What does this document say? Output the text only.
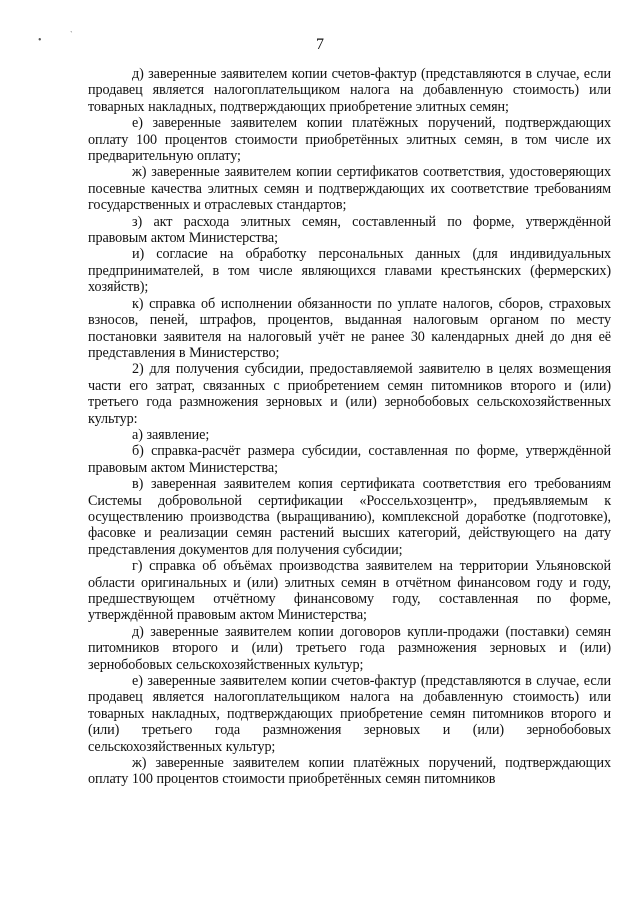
•
`
7

д) заверенные заявителем копии счетов-фактур (представляются в случае, если продавец является налогоплательщиком налога на добавленную стоимость) или товарных накладных, подтверждающих приобретение элитных семян;

е) заверенные заявителем копии платёжных поручений, подтверждающих оплату 100 процентов стоимости приобретённых элитных семян, в том числе их предварительную оплату;

ж) заверенные заявителем копии сертификатов соответствия, удостоверяющих посевные качества элитных семян и подтверждающих их соответствие требованиям государственных и отраслевых стандартов;

з) акт расхода элитных семян, составленный по форме, утверждённой правовым актом Министерства;

и) согласие на обработку персональных данных (для индивидуальных предпринимателей, в том числе являющихся главами крестьянских (фермерских) хозяйств);

к) справка об исполнении обязанности по уплате налогов, сборов, страховых взносов, пеней, штрафов, процентов, выданная налоговым органом по месту постановки заявителя на налоговый учёт не ранее 30 календарных дней до дня её представления в Министерство;

2) для получения субсидии, предоставляемой заявителю в целях возмещения части его затрат, связанных с приобретением семян питомников второго и (или) третьего года размножения зерновых и (или) зернобобовых сельскохозяйственных культур:

а) заявление;

б) справка-расчёт размера субсидии, составленная по форме, утверждённой правовым актом Министерства;

в) заверенная заявителем копия сертификата соответствия его требованиям Системы добровольной сертификации «Россельхозцентр», предъявляемым к осуществлению производства (выращиванию), комплексной доработке (подготовке), фасовке и реализации семян растений высших категорий, действующего на дату представления документов для получения субсидии;

г) справка об объёмах производства заявителем на территории Ульяновской области оригинальных и (или) элитных семян в отчётном финансовом году и году, предшествующем отчётному финансовому году, составленная по форме, утверждённой правовым актом Министерства;

д) заверенные заявителем копии договоров купли-продажи (поставки) семян питомников второго и (или) третьего года размножения зерновых и (или) зернобобовых сельскохозяйственных культур;

е) заверенные заявителем копии счетов-фактур (представляются в случае, если продавец является налогоплательщиком налога на добавленную стоимость) или товарных накладных, подтверждающих приобретение семян питомников второго и (или) третьего года размножения зерновых и (или) зернобобовых сельскохозяйственных культур;

ж) заверенные заявителем копии платёжных поручений, подтверждающих оплату 100 процентов стоимости приобретённых семян питомников
